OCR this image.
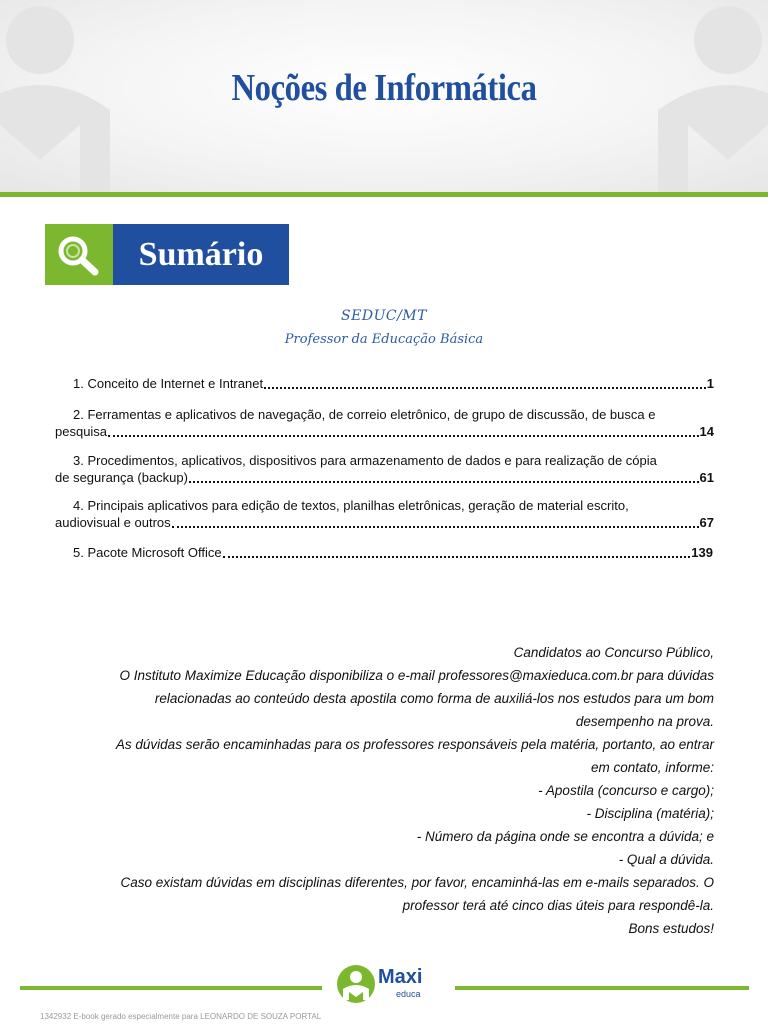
Noções de Informática
Sumário
SEDUC/MT
Professor da Educação Básica
1. Conceito de Internet e Intranet	1
2. Ferramentas e aplicativos de navegação, de correio eletrônico, de grupo de discussão, de busca e
pesquisa	14
3. Procedimentos, aplicativos, dispositivos para armazenamento de dados e para realização de cópia
de segurança (backup)	61
4. Principais aplicativos para edição de textos, planilhas eletrônicas, geração de material escrito,
audiovisual e outros	67
5. Pacote Microsoft Office	139
Candidatos ao Concurso Público,
O Instituto Maximize Educação disponibiliza o e-mail professores@maxieduca.com.br para dúvidas
relacionadas ao conteúdo desta apostila como forma de auxiliá-los nos estudos para um bom
desempenho na prova.
As dúvidas serão encaminhadas para os professores responsáveis pela matéria, portanto, ao entrar
em contato, informe:
- Apostila (concurso e cargo);
- Disciplina (matéria);
- Número da página onde se encontra a dúvida; e
- Qual a dúvida.
Caso existam dúvidas em disciplinas diferentes, por favor, encaminhá-las em e-mails separados. O
professor terá até cinco dias úteis para respondê-la.
Bons estudos!
Maxi
educa
1342932 E-book gerado especialmente para LEONARDO DE SOUZA PORTAL
